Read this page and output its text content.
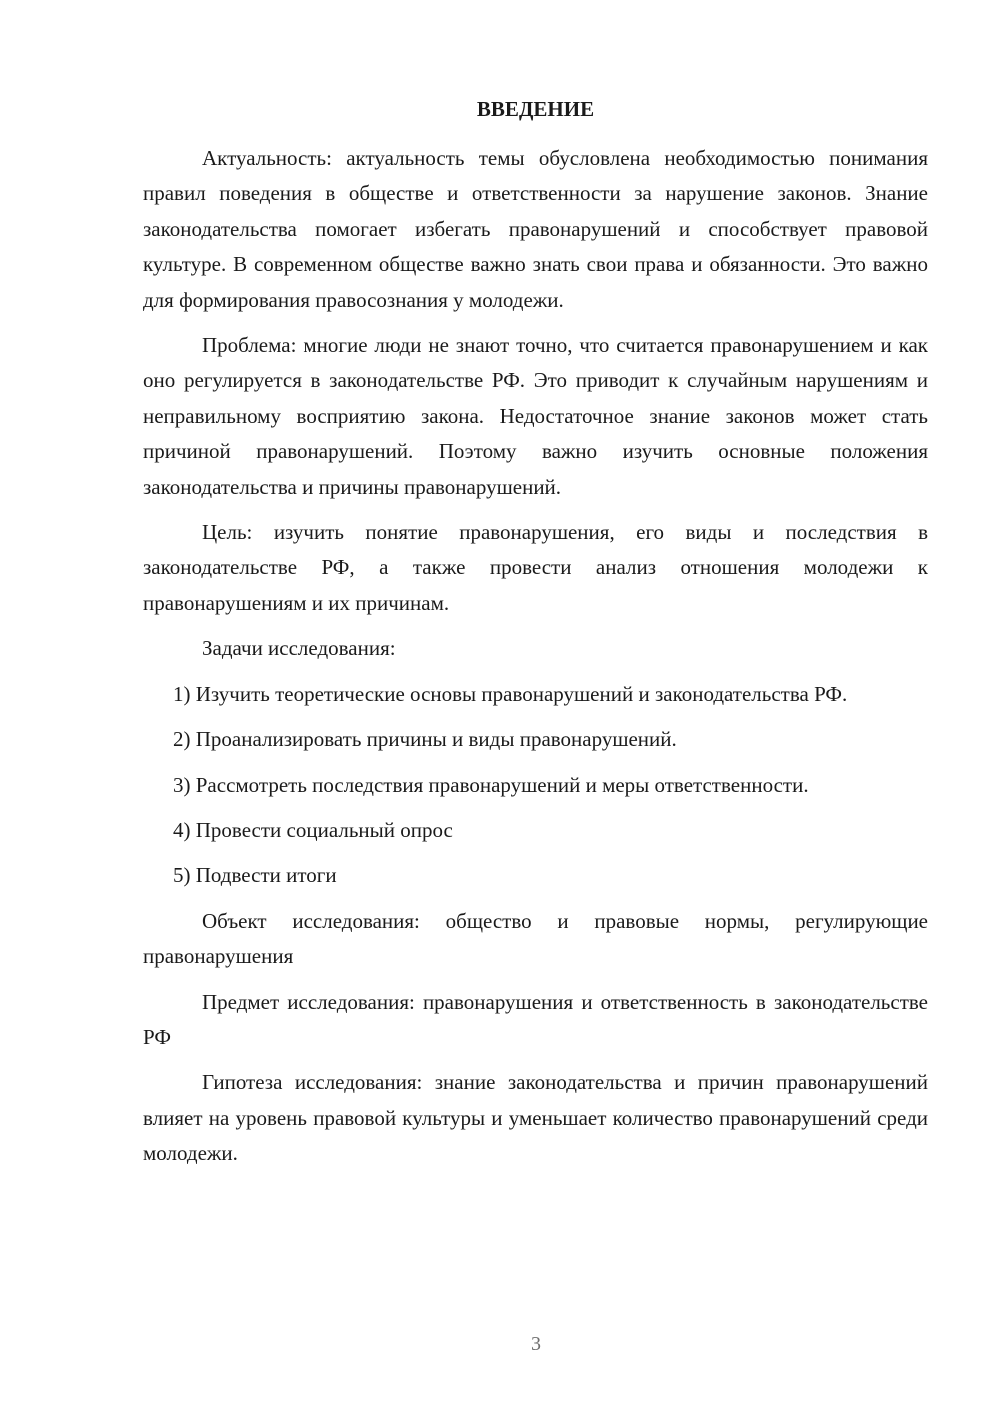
ВВЕДЕНИЕ

Актуальность: актуальность темы обусловлена необходимостью понимания правил поведения в обществе и ответственности за нарушение законов. Знание законодательства помогает избегать правонарушений и способствует правовой культуре. В современном обществе важно знать свои права и обязанности. Это важно для формирования правосознания у молодежи.

Проблема: многие люди не знают точно, что считается правонарушением и как оно регулируется в законодательстве РФ. Это приводит к случайным нарушениям и неправильному восприятию закона. Недостаточное знание законов может стать причиной правонарушений. Поэтому важно изучить основные положения законодательства и причины правонарушений.

Цель: изучить понятие правонарушения, его виды и последствия в законодательстве РФ, а также провести анализ отношения молодежи к правонарушениям и их причинам.

Задачи исследования:

1) Изучить теоретические основы правонарушений и законодательства РФ.

2) Проанализировать причины и виды правонарушений.

3) Рассмотреть последствия правонарушений и меры ответственности.

4) Провести социальный опрос

5) Подвести итоги

Объект исследования: общество и правовые нормы, регулирующие правонарушения

Предмет исследования: правонарушения и ответственность в законодательстве РФ

Гипотеза исследования: знание законодательства и причин правонарушений влияет на уровень правовой культуры и уменьшает количество правонарушений среди молодежи.

3
